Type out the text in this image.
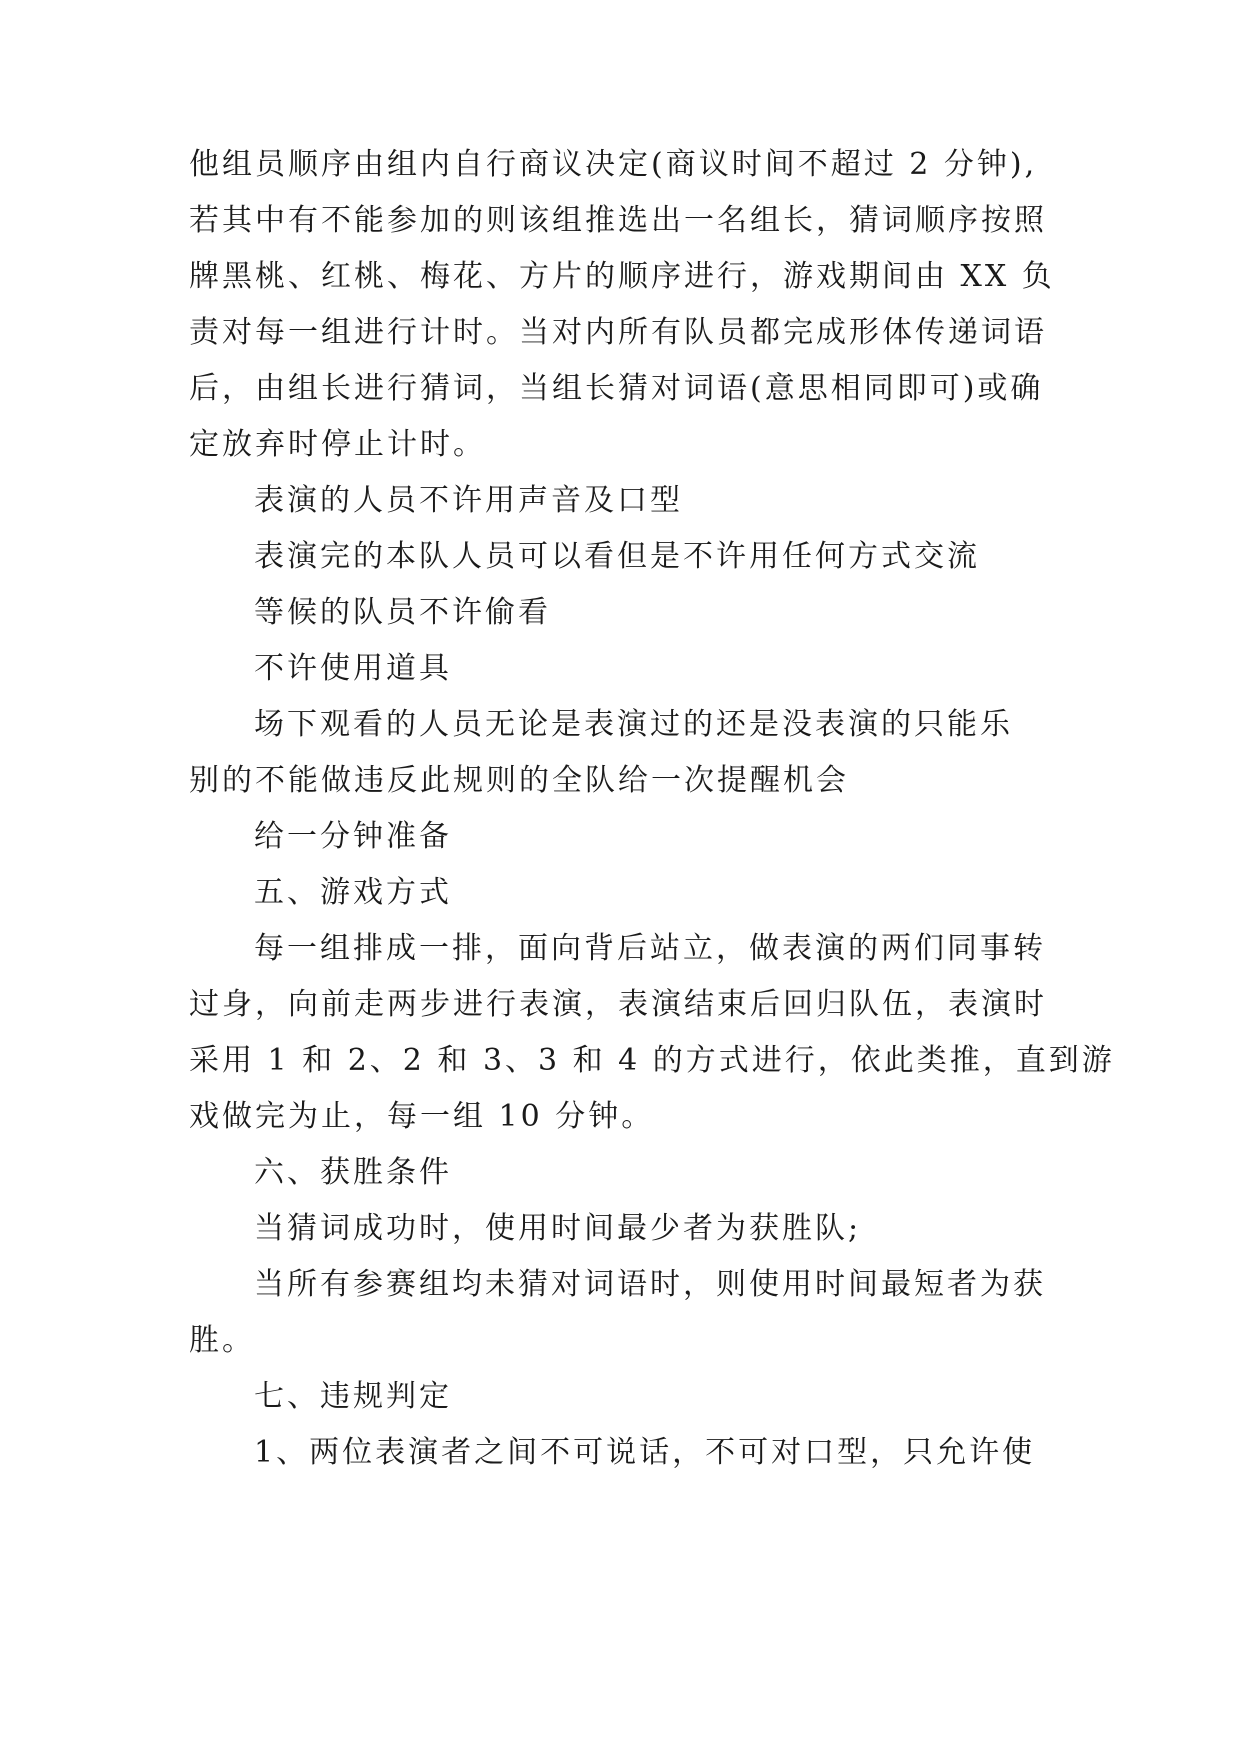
他组员顺序由组内自行商议决定(商议时间不超过 2 分钟),
若其中有不能参加的则该组推选出一名组长，猜词顺序按照
牌黑桃、红桃、梅花、方片的顺序进行，游戏期间由 XX 负
责对每一组进行计时。当对内所有队员都完成形体传递词语
后，由组长进行猜词，当组长猜对词语(意思相同即可)或确
定放弃时停止计时。
表演的人员不许用声音及口型
表演完的本队人员可以看但是不许用任何方式交流
等候的队员不许偷看
不许使用道具
场下观看的人员无论是表演过的还是没表演的只能乐
别的不能做违反此规则的全队给一次提醒机会
给一分钟准备
五、游戏方式
每一组排成一排，面向背后站立，做表演的两们同事转
过身，向前走两步进行表演，表演结束后回归队伍，表演时
采用 1 和 2、2 和 3、3 和 4 的方式进行，依此类推，直到游
戏做完为止，每一组 10 分钟。
六、获胜条件
当猜词成功时，使用时间最少者为获胜队;
当所有参赛组均未猜对词语时，则使用时间最短者为获
胜。
七、违规判定
1、两位表演者之间不可说话，不可对口型，只允许使
